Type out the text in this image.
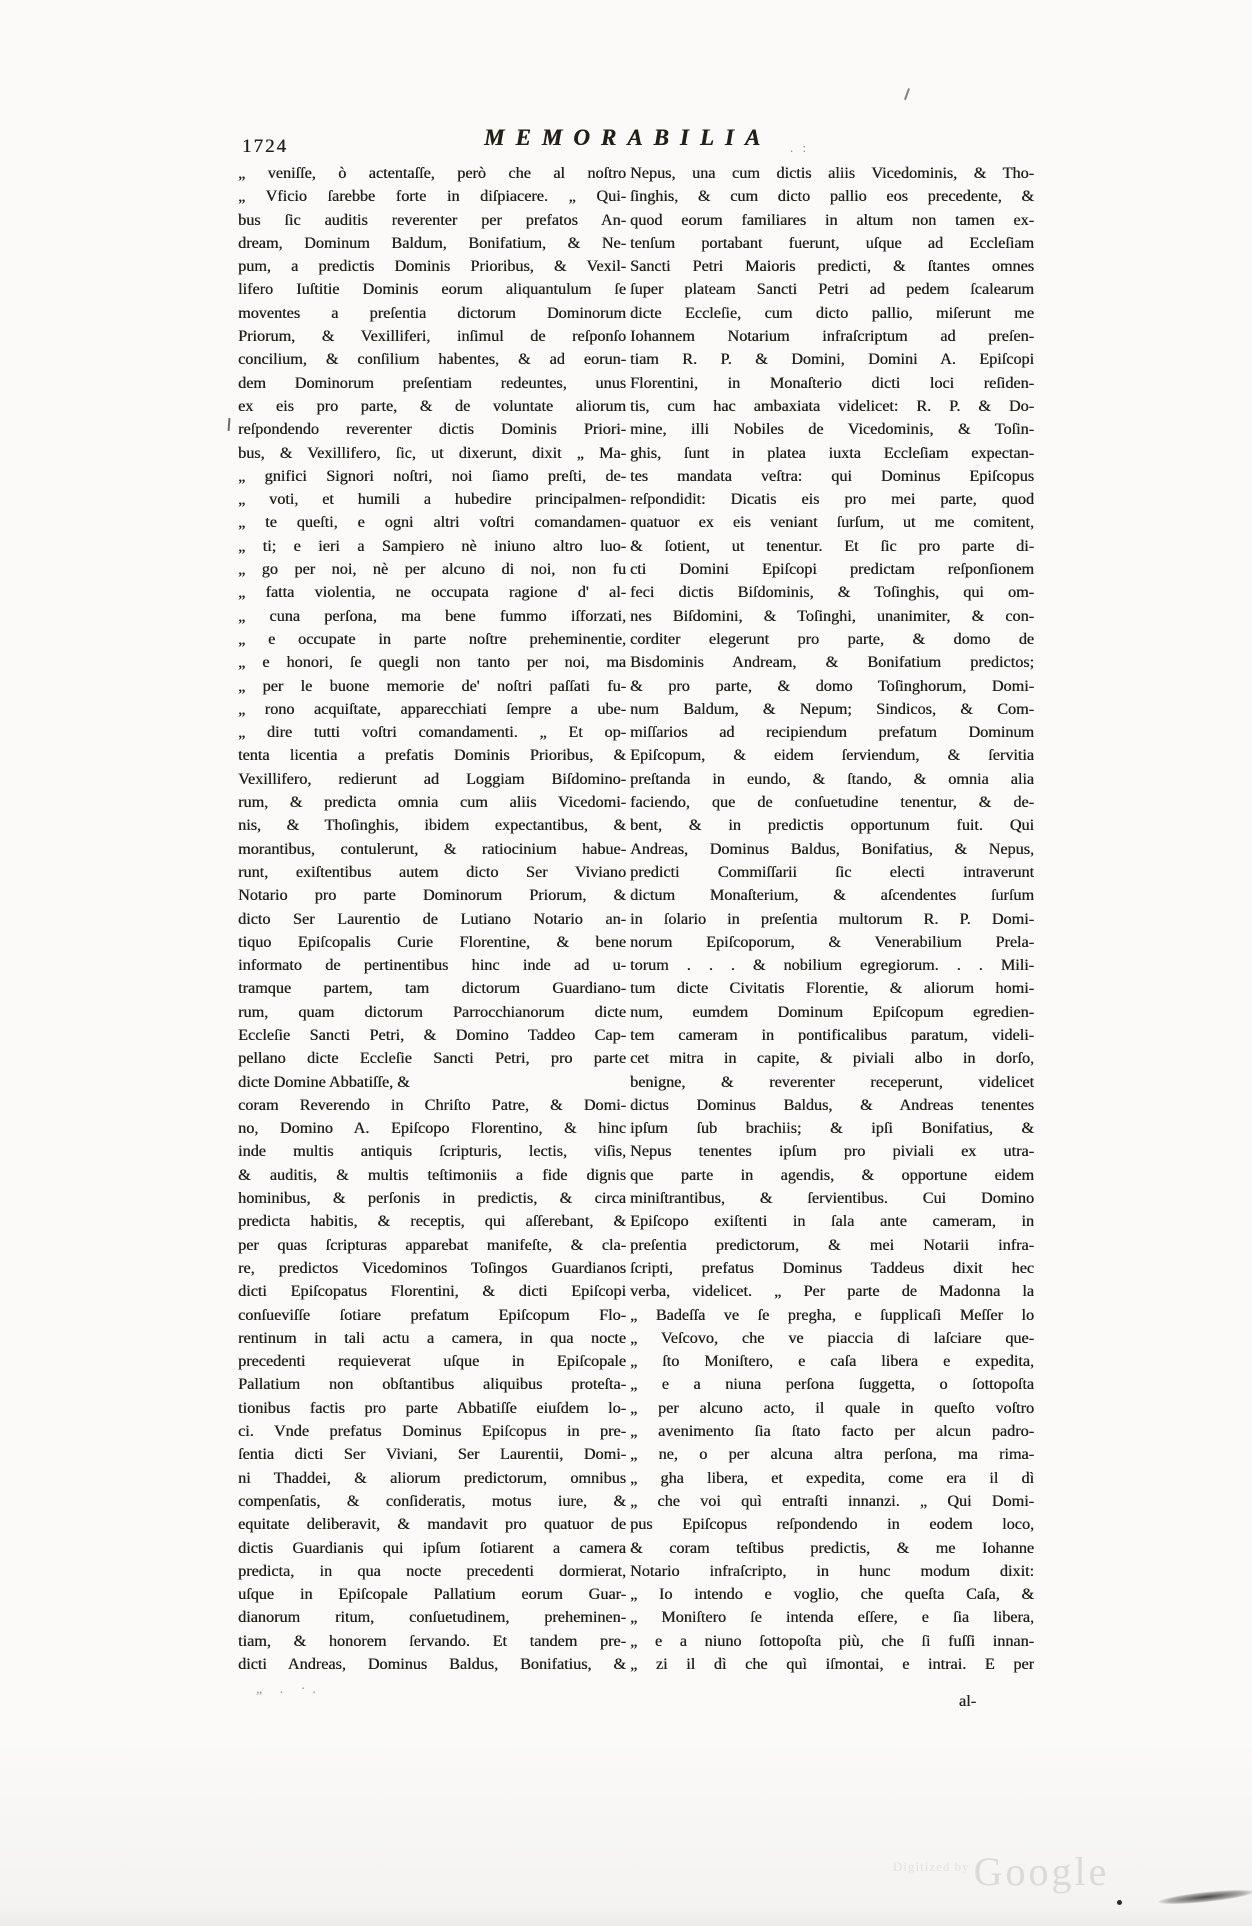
1724	MEMORABILIA . :
„ veniſſe, ò actentaſſe, però che al noſtro
„ Vficio ſarebbe forte in diſpiacere. „ Qui-
bus ſic auditis reverenter per prefatos An-
dream, Dominum Baldum, Bonifatium, & Ne-
pum, a predictis Dominis Prioribus, & Vexil-
lifero Iuſtitie Dominis eorum aliquantulum ſe
moventes a preſentia dictorum Dominorum
Priorum, & Vexilliferi, inſimul de reſponſo
concilium, & conſilium habentes, & ad eorun-
dem Dominorum preſentiam redeuntes, unus
ex eis pro parte, & de voluntate aliorum
reſpondendo reverenter dictis Dominis Priori-
bus, & Vexillifero, ſic, ut dixerunt, dixit „ Ma-
„ gnifici Signori noſtri, noi ſiamo preſti, de-
„ voti, et humili a hubedire principalmen-
„ te queſti, e ogni altri voſtri comandamen-
„ ti; e ieri a Sampiero nè iniuno altro luo-
„ go per noi, nè per alcuno di noi, non fu
„ fatta violentia, ne occupata ragione d' al-
„ cuna perſona, ma bene fummo iſforzati,
„ e occupate in parte noſtre preheminentie,
„ e honori, ſe quegli non tanto per noi, ma
„ per le buone memorie de' noſtri paſſati fu-
„ rono acquiſtate, apparecchiati ſempre a ube-
„ dire tutti voſtri comandamenti. „ Et op-
tenta licentia a prefatis Dominis Prioribus, &
Vexillifero, redierunt ad Loggiam Biſdomino-
rum, & predicta omnia cum aliis Vicedomi-
nis, & Thoſinghis, ibidem expectantibus, &
morantibus, contulerunt, & ratiocinium habue-
runt, exiſtentibus autem dicto Ser Viviano
Notario pro parte Dominorum Priorum, &
dicto Ser Laurentio de Lutiano Notario an-
tiquo Epiſcopalis Curie Florentine, & bene
informato de pertinentibus hinc inde ad u-
tramque partem, tam dictorum Guardiano-
rum, quam dictorum Parrocchianorum dicte
Eccleſie Sancti Petri, & Domino Taddeo Cap-
pellano dicte Eccleſie Sancti Petri, pro parte
dicte Domine Abbatiſſe, &
coram Reverendo in Chriſto Patre, & Domi-
no, Domino A. Epiſcopo Florentino, & hinc
inde multis antiquis ſcripturis, lectis, viſis,
& auditis, & multis teſtimoniis a fide dignis
hominibus, & perſonis in predictis, & circa
predicta habitis, & receptis, qui aſſerebant, &
per quas ſcripturas apparebat manifeſte, & cla-
re, predictos Vicedominos Toſingos Guardianos
dicti Epiſcopatus Florentini, & dicti Epiſcopi
conſueviſſe ſotiare prefatum Epiſcopum Flo-
rentinum in tali actu a camera, in qua nocte
precedenti requieverat uſque in Epiſcopale
Pallatium non obſtantibus aliquibus proteſta-
tionibus factis pro parte Abbatiſſe eiuſdem lo-
ci. Vnde prefatus Dominus Epiſcopus in pre-
ſentia dicti Ser Viviani, Ser Laurentii, Domi-
ni Thaddei, & aliorum predictorum, omnibus
compenſatis, & conſideratis, motus iure, &
equitate deliberavit, & mandavit pro quatuor de
dictis Guardianis qui ipſum ſotiarent a camera
predicta, in qua nocte precedenti dormierat,
uſque in Epiſcopale Pallatium eorum Guar-
dianorum ritum, conſuetudinem, preheminen-
tiam, & honorem ſervando. Et tandem pre-
dicti Andreas, Dominus Baldus, Bonifatius, &
Nepus, una cum dictis aliis Vicedominis, & Tho-
ſinghis, & cum dicto pallio eos precedente, &
quod eorum familiares in altum non tamen ex-
tenſum portabant fuerunt, uſque ad Eccleſiam
Sancti Petri Maioris predicti, & ſtantes omnes
ſuper plateam Sancti Petri ad pedem ſcalearum
dicte Eccleſie, cum dicto pallio, miſerunt me
Iohannem Notarium infraſcriptum ad preſen-
tiam R. P. & Domini, Domini A. Epiſcopi
Florentini, in Monaſterio dicti loci reſiden-
tis, cum hac ambaxiata videlicet: R. P. & Do-
mine, illi Nobiles de Vicedominis, & Toſin-
ghis, ſunt in platea iuxta Eccleſiam expectan-
tes mandata veſtra: qui Dominus Epiſcopus
reſpondidit: Dicatis eis pro mei parte, quod
quatuor ex eis veniant ſurſum, ut me comitent,
& ſotient, ut tenentur. Et ſic pro parte di-
cti Domini Epiſcopi predictam reſponſionem
feci dictis Biſdominis, & Toſinghis, qui om-
nes Biſdomini, & Toſinghi, unanimiter, & con-
corditer elegerunt pro parte, & domo de
Bisdominis Andream, & Bonifatium predictos;
& pro parte, & domo Toſinghorum, Domi-
num Baldum, & Nepum; Sindicos, & Com-
miſſarios ad recipiendum prefatum Dominum
Epiſcopum, & eidem ſerviendum, & ſervitia
preſtanda in eundo, & ſtando, & omnia alia
faciendo, que de conſuetudine tenentur, & de-
bent, & in predictis opportunum fuit. Qui
Andreas, Dominus Baldus, Bonifatius, & Nepus,
predicti Commiſſarii ſic electi intraverunt
dictum Monaſterium, & aſcendentes ſurſum
in ſolario in preſentia multorum R. P. Domi-
norum Epiſcoporum, & Venerabilium Prela-
torum . . . & nobilium egregiorum. . . Mili-
tum dicte Civitatis Florentie, & aliorum homi-
num, eumdem Dominum Epiſcopum egredien-
tem cameram in pontificalibus paratum, videli-
cet mitra in capite, & piviali albo in dorſo,
benigne, & reverenter receperunt, videlicet
dictus Dominus Baldus, & Andreas tenentes
ipſum ſub brachiis; & ipſi Bonifatius, &
Nepus tenentes ipſum pro piviali ex utra-
que parte in agendis, & opportune eidem
miniſtrantibus, & ſervientibus. Cui Domino
Epiſcopo exiſtenti in ſala ante cameram, in
preſentia predictorum, & mei Notarii infra-
ſcripti, prefatus Dominus Taddeus dixit hec
verba, videlicet. „ Per parte de Madonna la
„ Badeſſa ve ſe pregha, e ſupplicaſi Meſſer lo
„ Veſcovo, che ve piaccia di laſciare que-
„ ſto Moniſtero, e caſa libera e expedita,
„ e a niuna perſona ſuggetta, o ſottopoſta
„ per alcuno acto, il quale in queſto voſtro
„ avenimento ſia ſtato facto per alcun padro-
„ ne, o per alcuna altra perſona, ma rima-
„ gha libera, et expedita, come era il dì
„ che voi quì entraſti innanzi. „ Qui Domi-
pus Epiſcopus reſpondendo in eodem loco,
& coram teſtibus predictis, & me Iohanne
Notario infraſcripto, in hunc modum dixit:
„ Io intendo e voglio, che queſta Caſa, &
„ Moniſtero ſe intenda eſſere, e ſia libera,
„ e a niuno ſottopoſta più, che ſi fuſſi innan-
„ zi il dì che quì iſmontai, e intrai. E per
al-
„ . ·.
$^{Digitized by}$ Google
